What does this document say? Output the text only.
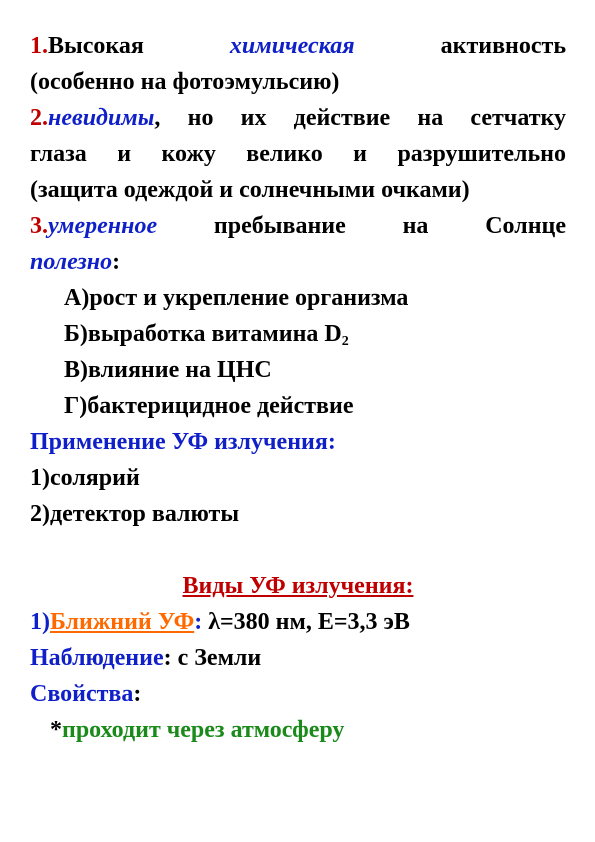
1.Высокая	химическая	активность
(особенно на фотоэмульсию)
2.невидимы, но их действие на сетчатку
глаза и кожу велико и разрушительно
(защита одеждой и солнечными очками)
3.умеренное пребывание на Солнце
полезно:
А)рост и укрепление организма
Б)выработка витамина $D_2$
В)влияние на ЦНС
Г)бактерицидное действие
Применение УФ излучения:
1)солярий
2)детектор валюты
Виды УФ излучения:
1)Ближний УФ: λ=380 нм, E=3,3 эВ
Наблюдение: с Земли
Свойства:
*проходит через атмосферу
